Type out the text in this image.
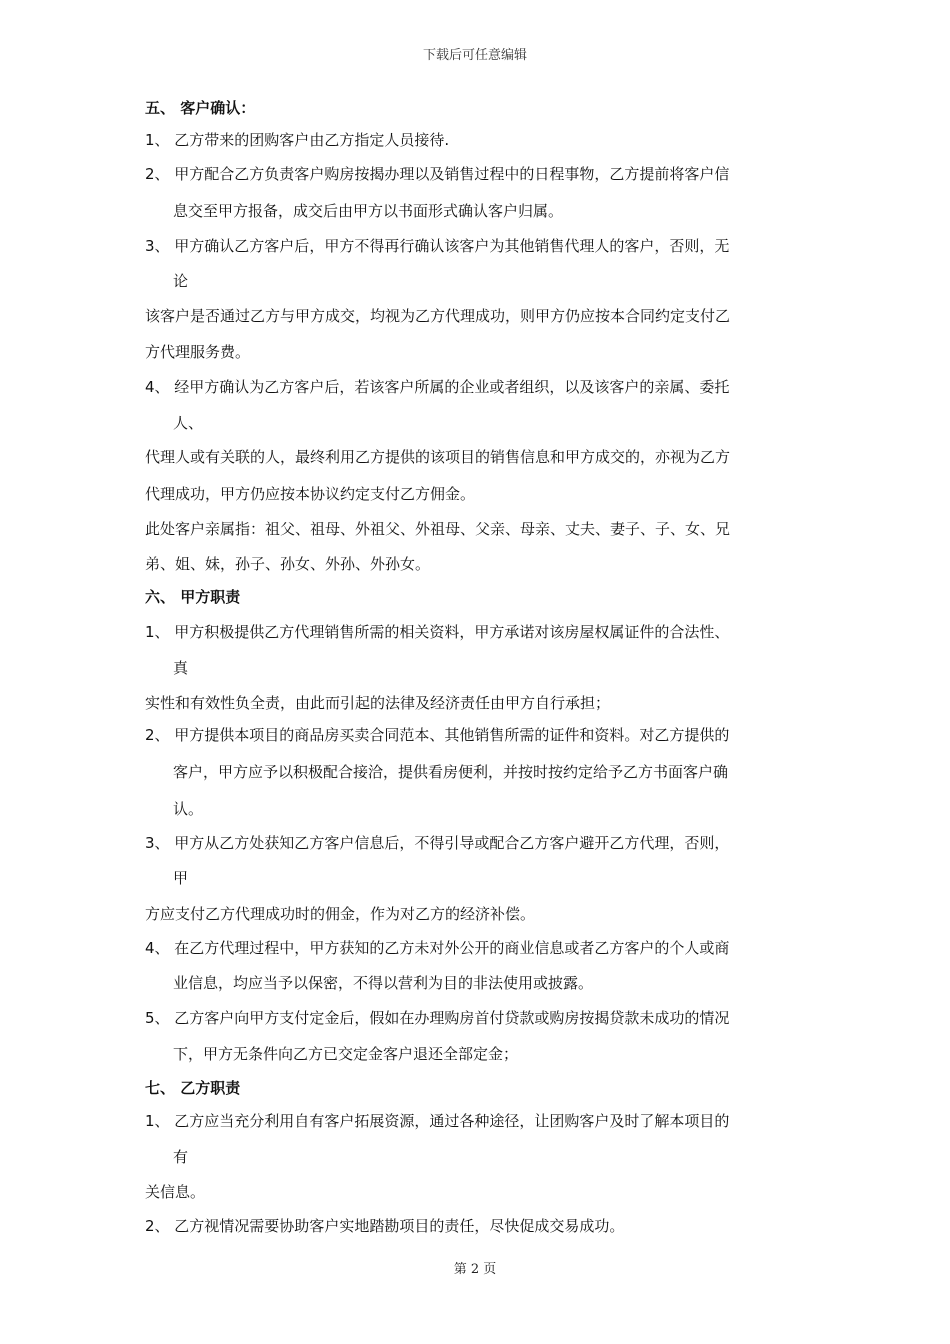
下载后可任意编辑
五、 客户确认：
1、 乙方带来的团购客户由乙方指定人员接待.
2、 甲方配合乙方负责客户购房按揭办理以及销售过程中的日程事物，乙方提前将客户信
息交至甲方报备，成交后由甲方以书面形式确认客户归属。
3、 甲方确认乙方客户后，甲方不得再行确认该客户为其他销售代理人的客户，否则，无
论
该客户是否通过乙方与甲方成交，均视为乙方代理成功，则甲方仍应按本合同约定支付乙
方代理服务费。
4、 经甲方确认为乙方客户后，若该客户所属的企业或者组织，以及该客户的亲属、委托
人、
代理人或有关联的人，最终利用乙方提供的该项目的销售信息和甲方成交的，亦视为乙方
代理成功，甲方仍应按本协议约定支付乙方佣金。
此处客户亲属指：祖父、祖母、外祖父、外祖母、父亲、母亲、丈夫、妻子、子、女、兄
弟、姐、妹，孙子、孙女、外孙、外孙女。
六、 甲方职责
1、 甲方积极提供乙方代理销售所需的相关资料，甲方承诺对该房屋权属证件的合法性、
真
实性和有效性负全责，由此而引起的法律及经济责任由甲方自行承担；
2、 甲方提供本项目的商品房买卖合同范本、其他销售所需的证件和资料。对乙方提供的
客户，甲方应予以积极配合接洽，提供看房便利，并按时按约定给予乙方书面客户确
认。
3、 甲方从乙方处获知乙方客户信息后，不得引导或配合乙方客户避开乙方代理，否则，
甲
方应支付乙方代理成功时的佣金，作为对乙方的经济补偿。
4、 在乙方代理过程中，甲方获知的乙方未对外公开的商业信息或者乙方客户的个人或商
业信息，均应当予以保密，不得以营利为目的非法使用或披露。
5、 乙方客户向甲方支付定金后，假如在办理购房首付贷款或购房按揭贷款未成功的情况
下，甲方无条件向乙方已交定金客户退还全部定金；
七、 乙方职责
1、 乙方应当充分利用自有客户拓展资源，通过各种途径，让团购客户及时了解本项目的
有
关信息。
2、 乙方视情况需要协助客户实地踏勘项目的责任，尽快促成交易成功。
第 2 页
